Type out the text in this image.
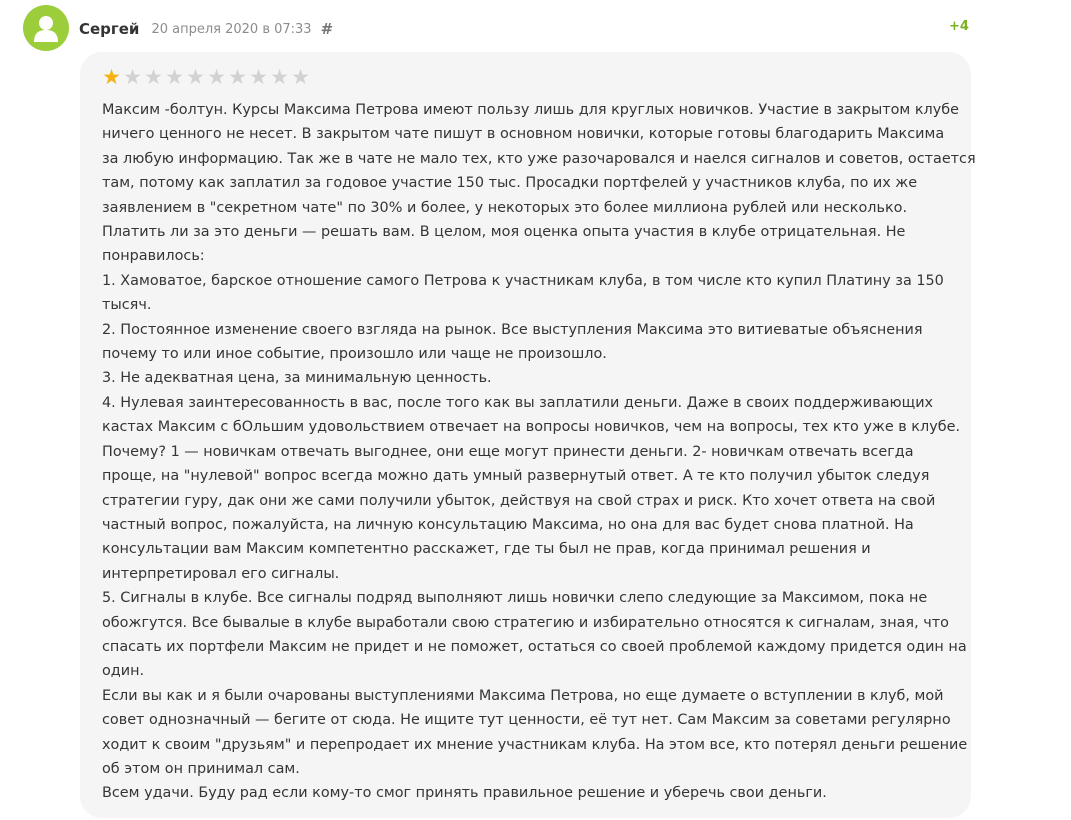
Сергей 20 апреля 2020 в 07:33 #	+4
★ ★ ★ ★ ★ ★ ★ ★ ★ ★

Максим -болтун. Курсы Максима Петрова имеют пользу лишь для круглых новичков. Участие в закрытом клубе

ничего ценного не несет. В закрытом чате пишут в основном новички, которые готовы благодарить Максима

за любую информацию. Так же в чате не мало тех, кто уже разочаровался и наелся сигналов и советов, остается

там, потому как заплатил за годовое участие 150 тыс. Просадки портфелей у участников клуба, по их же

заявлением в "секретном чате" по 30% и более, у некоторых это более миллиона рублей или несколько.

Платить ли за это деньги — решать вам. В целом, моя оценка опыта участия в клубе отрицательная. Не

понравилось:

1. Хамоватое, барское отношение самого Петрова к участникам клуба, в том числе кто купил Платину за 150

тысяч.

2. Постоянное изменение своего взгляда на рынок. Все выступления Максима это витиеватые объяснения

почему то или иное событие, произошло или чаще не произошло.

3. Не адекватная цена, за минимальную ценность.

4. Нулевая заинтересованность в вас, после того как вы заплатили деньги. Даже в своих поддерживающих

кастах Максим с бОльшим удовольствием отвечает на вопросы новичков, чем на вопросы, тех кто уже в клубе.

Почему? 1 — новичкам отвечать выгоднее, они еще могут принести деньги. 2- новичкам отвечать всегда

проще, на "нулевой" вопрос всегда можно дать умный развернутый ответ. А те кто получил убыток следуя

стратегии гуру, дак они же сами получили убыток, действуя на свой страх и риск. Кто хочет ответа на свой

частный вопрос, пожалуйста, на личную консультацию Максима, но она для вас будет снова платной. На

консультации вам Максим компетентно расскажет, где ты был не прав, когда принимал решения и

интерпретировал его сигналы.

5. Сигналы в клубе. Все сигналы подряд выполняют лишь новички слепо следующие за Максимом, пока не

обожгутся. Все бывалые в клубе выработали свою стратегию и избирательно относятся к сигналам, зная, что

спасать их портфели Максим не придет и не поможет, остаться со своей проблемой каждому придется один на

один.

Если вы как и я были очарованы выступлениями Максима Петрова, но еще думаете о вступлении в клуб, мой

совет однозначный — бегите от сюда. Не ищите тут ценности, её тут нет. Сам Максим за советами регулярно

ходит к своим "друзьям" и перепродает их мнение участникам клуба. На этом все, кто потерял деньги решение

об этом он принимал сам.

Всем удачи. Буду рад если кому-то смог принять правильное решение и уберечь свои деньги.
